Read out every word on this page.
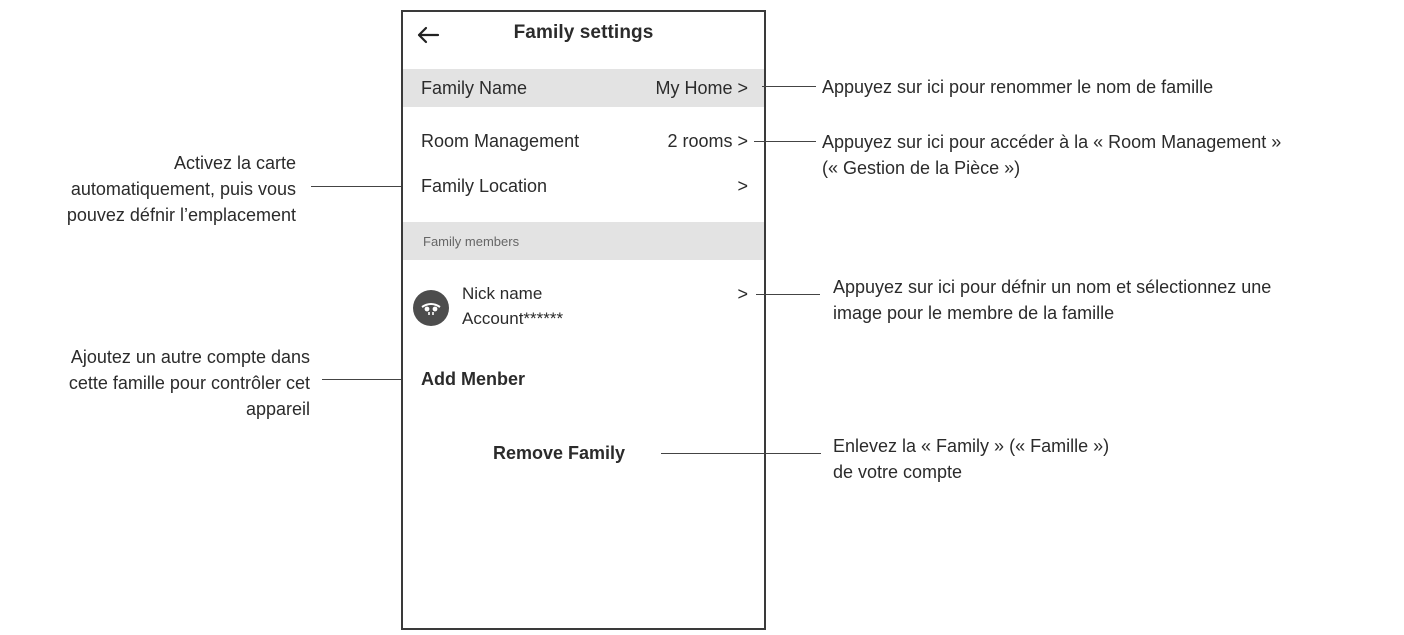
Family settings
Family Name	My Home >
Room Management	2 rooms >
Family Location	>
Family members
Nick name
Account******
>
Add Menber
Remove Family
Appuyez sur ici pour renommer le nom de famille
Appuyez sur ici pour accéder à la « Room Management »
(« Gestion de la Pièce »)
Appuyez sur ici pour défnir un nom et sélectionnez une
image pour le membre de la famille
Enlevez la « Family » (« Famille »)
de votre compte
Activez la carte
automatiquement, puis vous
pouvez défnir l’emplacement
Ajoutez un autre compte dans
cette famille pour contrôler cet
appareil
